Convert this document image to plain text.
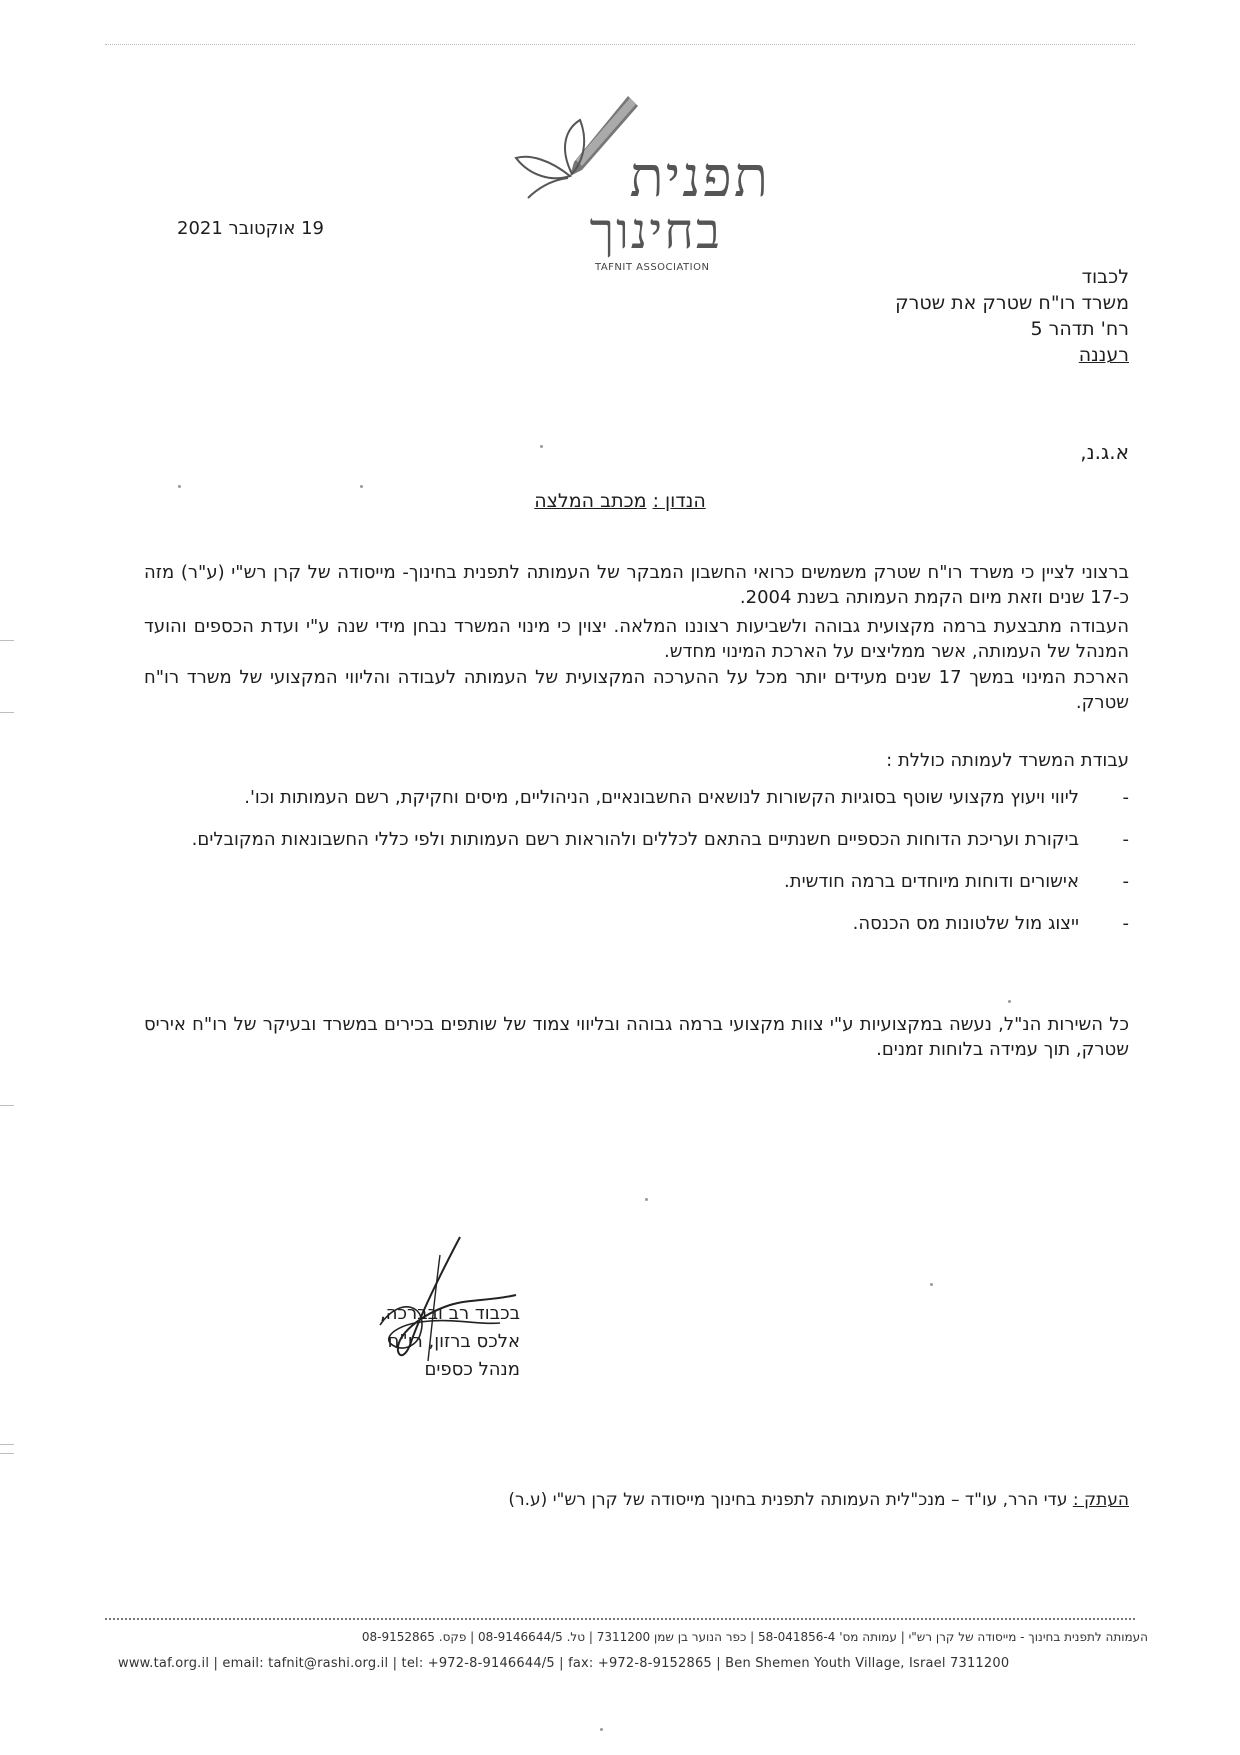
תפנית
בחינוך
TAFNIT ASSOCIATION
19 אוקטובר 2021
לכבוד
משרד רו"ח שטרק את שטרק
רח' תדהר 5
רעננה
א.ג.נ,
הנדון : מכתב המלצה
ברצוני לציין כי משרד רו"ח שטרק משמשים כרואי החשבון המבקר של העמותה לתפנית בחינוך- מייסודה של קרן רש"י (ע"ר) מזה כ-17 שנים וזאת מיום הקמת העמותה בשנת 2004.
העבודה מתבצעת ברמה מקצועית גבוהה ולשביעות רצוננו המלאה. יצוין כי מינוי המשרד נבחן מידי שנה ע"י ועדת הכספים והועד המנהל של העמותה, אשר ממליצים על הארכת המינוי מחדש.
הארכת המינוי במשך 17 שנים מעידים יותר מכל על ההערכה המקצועית של העמותה לעבודה והליווי המקצועי של משרד רו"ח שטרק.
עבודת המשרד לעמותה כוללת :
-
ליווי ויעוץ מקצועי שוטף בסוגיות הקשורות לנושאים החשבונאיים, הניהוליים, מיסים וחקיקת, רשם העמותות וכו'.
-
ביקורת ועריכת הדוחות הכספיים חשנתיים בהתאם לכללים ולהוראות רשם העמותות ולפי כללי החשבונאות המקובלים.
-
אישורים ודוחות מיוחדים ברמה חודשית.
-
ייצוג מול שלטונות מס הכנסה.
כל השירות הנ"ל, נעשה במקצועיות ע"י צוות מקצועי ברמה גבוהה ובליווי צמוד של שותפים בכירים במשרד ובעיקר של רו"ח איריס שטרק, תוך עמידה בלוחות זמנים.
בכבוד רב ובברכה,
אלכס ברזון, רו"ח
מנהל כספים
העתק : עדי הרר, עו"ד – מנכ"לית העמותה לתפנית בחינוך מייסודה של קרן רש"י (ע.ר)
העמותה לתפנית בחינוך - מייסודה של קרן רש"י | עמותה מס' 58-041856-4 | כפר הנוער בן שמן 7311200 | טל. 08-9146644/5 | פקס. 08-9152865
www.taf.org.il | email: tafnit@rashi.org.il | tel: +972-8-9146644/5 | fax: +972-8-9152865 | Ben Shemen Youth Village, Israel 7311200
